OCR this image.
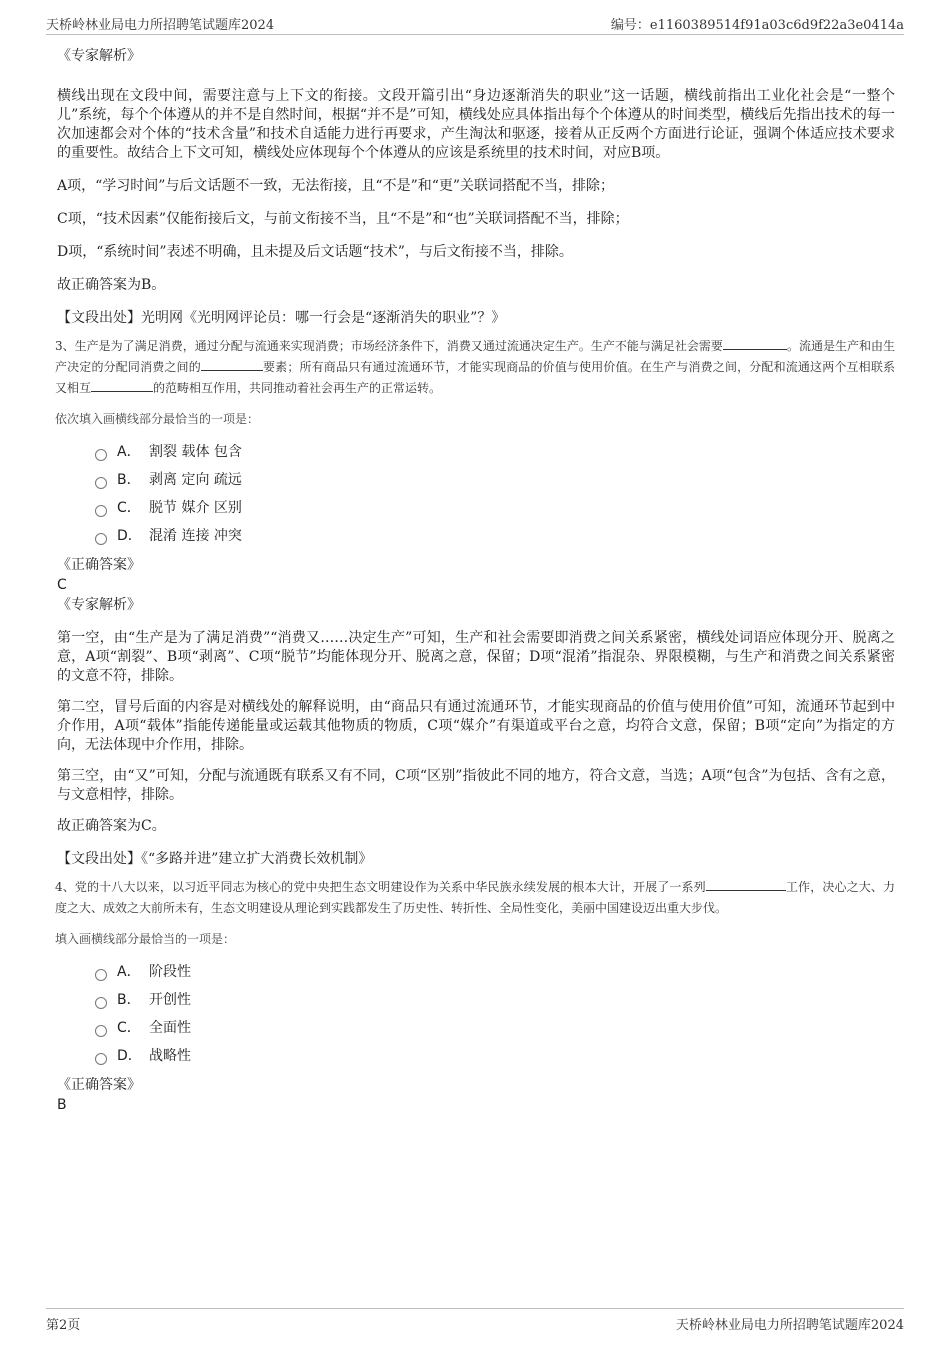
天桥岭林业局电力所招聘笔试题库2024	编号：e1160389514f91a03c6d9f22a3e0414a
《专家解析》

横线出现在文段中间，需要注意与上下文的衔接。文段开篇引出“身边逐渐消失的职业”这一话题，横线前指出工业化社会是“一整个儿”系统，每个个体遵从的并不是自然时间，根据“并不是”可知，横线处应具体指出每个个体遵从的时间类型，横线后先指出技术的每一次加速都会对个体的“技术含量”和技术自适能力进行再要求，产生淘汰和驱逐，接着从正反两个方面进行论证，强调个体适应技术要求的重要性。故结合上下文可知，横线处应体现每个个体遵从的应该是系统里的技术时间，对应B项。

A项，“学习时间”与后文话题不一致，无法衔接，且“不是”和“更”关联词搭配不当，排除；

C项，“技术因素”仅能衔接后文，与前文衔接不当，且“不是”和“也”关联词搭配不当，排除；

D项，“系统时间”表述不明确，且未提及后文话题“技术”，与后文衔接不当，排除。

故正确答案为B。

【文段出处】光明网《光明网评论员：哪一行会是“逐渐消失的职业”？》

3、生产是为了满足消费，通过分配与流通来实现消费；市场经济条件下，消费又通过流通决定生产。生产不能与满足社会需要	。流通是生产和由生产决定的分配同消费之间的	要素；所有商品只有通过流通环节，才能实现商品的价值与使用价值。在生产与消费之间，分配和流通这两个互相联系又相互	的范畴相互作用，共同推动着社会再生产的正常运转。

依次填入画横线部分最恰当的一项是：

A． 割裂 载体 包含
B． 剥离 定向 疏远
C． 脱节 媒介 区别
D． 混淆 连接 冲突
《正确答案》
C
《专家解析》

第一空，由“生产是为了满足消费”“消费又……决定生产”可知，生产和社会需要即消费之间关系紧密，横线处词语应体现分开、脱离之意，A项“割裂”、B项“剥离”、C项“脱节”均能体现分开、脱离之意，保留；D项“混淆”指混杂、界限模糊，与生产和消费之间关系紧密的文意不符，排除。

第二空，冒号后面的内容是对横线处的解释说明，由“商品只有通过流通环节，才能实现商品的价值与使用价值”可知，流通环节起到中介作用，A项“载体”指能传递能量或运载其他物质的物质，C项“媒介”有渠道或平台之意，均符合文意，保留；B项“定向”为指定的方向，无法体现中介作用，排除。

第三空，由“又”可知，分配与流通既有联系又有不同，C项“区别”指彼此不同的地方，符合文意，当选；A项“包含”为包括、含有之意，与文意相悖，排除。

故正确答案为C。

【文段出处】《“多路并进”建立扩大消费长效机制》

4、党的十八大以来，以习近平同志为核心的党中央把生态文明建设作为关系中华民族永续发展的根本大计，开展了一系列	工作，决心之大、力度之大、成效之大前所未有，生态文明建设从理论到实践都发生了历史性、转折性、全局性变化，美丽中国建设迈出重大步伐。

填入画横线部分最恰当的一项是：

A． 阶段性
B． 开创性
C． 全面性
D． 战略性
《正确答案》
B
第2页	天桥岭林业局电力所招聘笔试题库2024
